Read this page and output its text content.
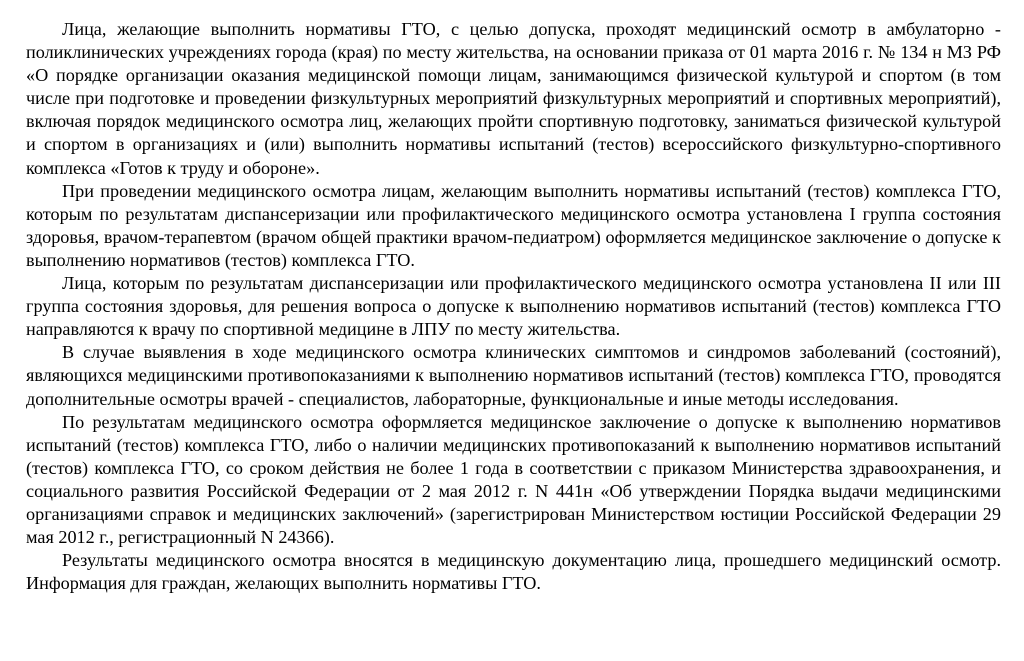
Лица, желающие выполнить нормативы ГТО, с целью допуска, проходят медицинский осмотр в амбулаторно - поликлинических учреждениях города (края) по месту жительства, на основании приказа от 01 марта 2016 г. № 134 н МЗ РФ «О порядке организации оказания медицинской помощи лицам, занимающимся физической культурой и спортом (в том числе при подготовке и проведении физкультурных мероприятий физкультурных мероприятий и спортивных мероприятий), включая порядок медицинского осмотра лиц, желающих пройти спортивную подготовку, заниматься физической культурой и спортом в организациях и (или) выполнить нормативы испытаний (тестов) всероссийского физкультурно-спортивного комплекса «Готов к труду и обороне».

При проведении медицинского осмотра лицам, желающим выполнить нормативы испытаний (тестов) комплекса ГТО, которым по результатам диспансеризации или профилактического медицинского осмотра установлена I группа состояния здоровья, врачом-терапевтом (врачом общей практики врачом-педиатром) оформляется медицинское заключение о допуске к выполнению нормативов (тестов) комплекса ГТО.

Лица, которым по результатам диспансеризации или профилактического медицинского осмотра установлена II или III группа состояния здоровья, для решения вопроса о допуске к выполнению нормативов испытаний (тестов) комплекса ГТО направляются к врачу по спортивной медицине в ЛПУ по месту жительства.

В случае выявления в ходе медицинского осмотра клинических симптомов и синдромов заболеваний (состояний), являющихся медицинскими противопоказаниями к выполнению нормативов испытаний (тестов) комплекса ГТО, проводятся дополнительные осмотры врачей - специалистов, лабораторные, функциональные и иные методы исследования.

По результатам медицинского осмотра оформляется медицинское заключение о допуске к выполнению нормативов испытаний (тестов) комплекса ГТО, либо о наличии медицинских противопоказаний к выполнению нормативов испытаний (тестов) комплекса ГТО, со сроком действия не более 1 года в соответствии с приказом Министерства здравоохранения, и социального развития Российской Федерации от 2 мая 2012 г. N 441н «Об утверждении Порядка выдачи медицинскими организациями справок и медицинских заключений» (зарегистрирован Министерством юстиции Российской Федерации 29 мая 2012 г., регистрационный N 24366).

Результаты медицинского осмотра вносятся в медицинскую документацию лица, прошедшего медицинский осмотр. Информация для граждан, желающих выполнить нормативы ГТО.
